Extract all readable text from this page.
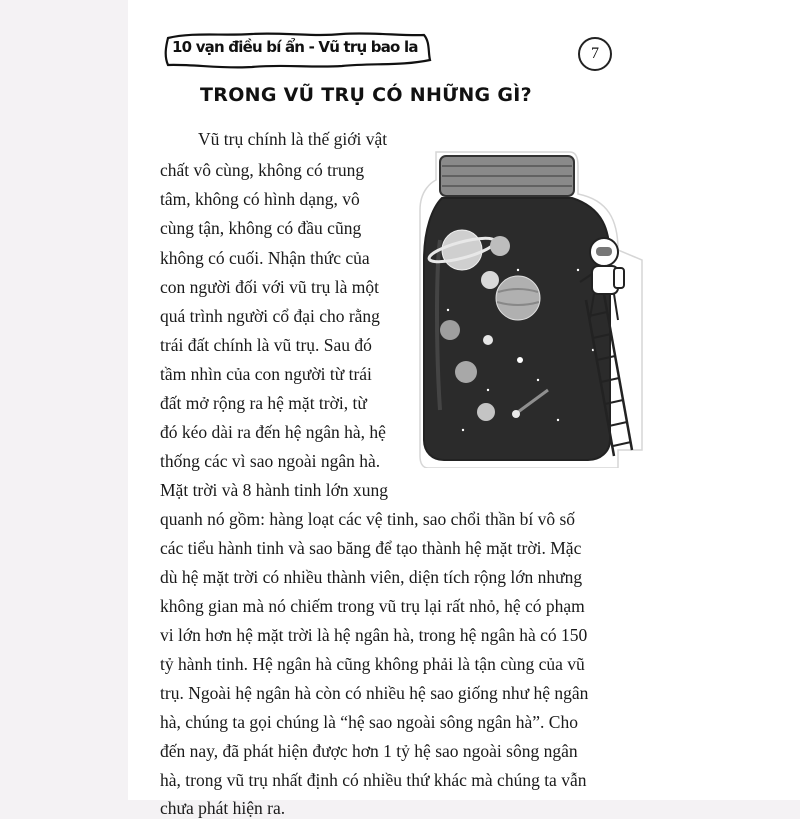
10 vạn điều bí ẩn - Vũ trụ bao la	7
TRONG VŨ TRỤ CÓ NHỮNG GÌ?
Vũ trụ chính là thế giới vật
chất vô cùng, không có trung
tâm, không có hình dạng, vô
cùng tận, không có đầu cũng
không có cuối. Nhận thức của
con người đối với vũ trụ là một
quá trình người cổ đại cho rằng
trái đất chính là vũ trụ. Sau đó
tầm nhìn của con người từ trái
đất mở rộng ra hệ mặt trời, từ
đó kéo dài ra đến hệ ngân hà, hệ
thống các vì sao ngoài ngân hà.
Mặt trời và 8 hành tinh lớn xung
quanh nó gồm: hàng loạt các vệ tinh, sao chổi thần bí vô số
các tiểu hành tinh và sao băng để tạo thành hệ mặt trời. Mặc
dù hệ mặt trời có nhiều thành viên, diện tích rộng lớn nhưng
không gian mà nó chiếm trong vũ trụ lại rất nhỏ, hệ có phạm
vi lớn hơn hệ mặt trời là hệ ngân hà, trong hệ ngân hà có 150
tỷ hành tinh. Hệ ngân hà cũng không phải là tận cùng của vũ
trụ. Ngoài hệ ngân hà còn có nhiều hệ sao giống như hệ ngân
hà, chúng ta gọi chúng là “hệ sao ngoài sông ngân hà”. Cho
đến nay, đã phát hiện được hơn 1 tỷ hệ sao ngoài sông ngân
hà, trong vũ trụ nhất định có nhiều thứ khác mà chúng ta vẫn
chưa phát hiện ra.
